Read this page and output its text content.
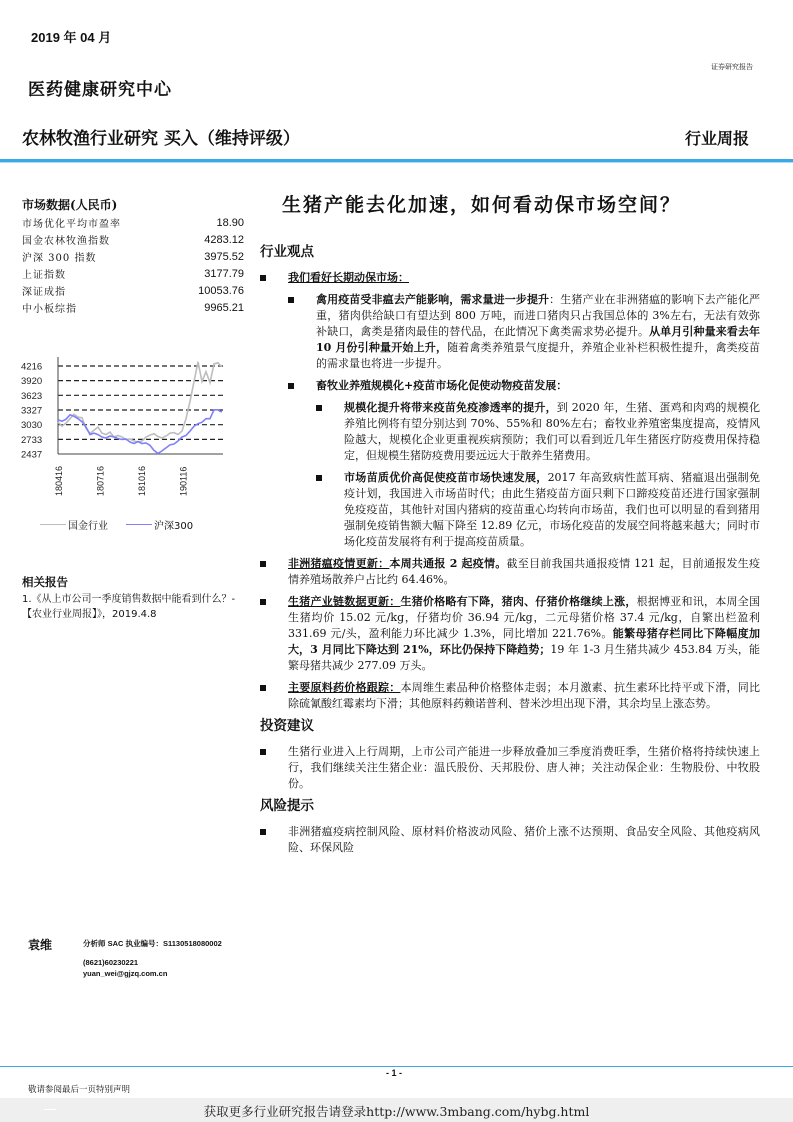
2019 年 04 月
证券研究报告
医药健康研究中心
农林牧渔行业研究 买入（维持评级）	行业周报
市场数据(人民币)
市场优化平均市盈率	18.90
国金农林牧渔指数	4283.12
沪深 300 指数	3975.52
上证指数	3177.79
深证成指	10053.76
中小板综指	9965.21
4216
3920
3623
3327
3030
2733
2437
180416	180716	181016	190116
国金行业	沪深300
相关报告
1.《从上市公司一季度销售数据中能看到什么？-【农业行业周报】》，2019.4.8
袁维	分析师 SAC 执业编号：S1130518080002
(8621)60230221
yuan_wei@gjzq.com.cn
生猪产能去化加速，如何看动保市场空间？
行业观点
我们看好长期动保市场：
禽用疫苗受非瘟去产能影响，需求量进一步提升：生猪产业在非洲猪瘟的影响下去产能化严重，猪肉供给缺口有望达到 800 万吨，而进口猪肉只占我国总体的 3%左右，无法有效弥补缺口，禽类是猪肉最佳的替代品，在此情况下禽类需求势必提升。从单月引种量来看去年 10 月份引种量开始上升，随着禽类养殖景气度提升，养殖企业补栏积极性提升，禽类疫苗的需求量也将进一步提升。
畜牧业养殖规模化+疫苗市场化促使动物疫苗发展：
规模化提升将带来疫苗免疫渗透率的提升，到 2020 年，生猪、蛋鸡和肉鸡的规模化养殖比例将有望分别达到 70%、55%和 80%左右；畜牧业养殖密集度提高，疫情风险越大，规模化企业更重视疾病预防；我们可以看到近几年生猪医疗防疫费用保持稳定，但规模生猪防疫费用要远远大于散养生猪费用。
市场苗质优价高促使疫苗市场快速发展，2017 年高致病性蓝耳病、猪瘟退出强制免疫计划，我国进入市场苗时代；由此生猪疫苗方面只剩下口蹄疫疫苗还进行国家强制免疫疫苗，其他针对国内猪病的疫苗重心均转向市场苗，我们也可以明显的看到猪用强制免疫销售额大幅下降至 12.89 亿元，市场化疫苗的发展空间将越来越大；同时市场化疫苗发展将有利于提高疫苗质量。
非洲猪瘟疫情更新：本周共通报 2 起疫情。截至目前我国共通报疫情 121 起，目前通报发生疫情养殖场散养户占比约 64.46%。
生猪产业链数据更新：生猪价格略有下降，猪肉、仔猪价格继续上涨，根据博亚和讯，本周全国生猪均价 15.02 元/kg，仔猪均价 36.94 元/kg，二元母猪价格 37.4 元/kg，自繁出栏盈利 331.69 元/头，盈利能力环比减少 1.3%，同比增加 221.76%。能繁母猪存栏同比下降幅度加大，3 月同比下降达到 21%，环比仍保持下降趋势；19 年 1-3 月生猪共减少 453.84 万头，能繁母猪共减少 277.09 万头。
主要原料药价格跟踪：本周维生素品种价格整体走弱；本月激素、抗生素环比持平或下滑，同比除硫氰酸红霉素均下滑；其他原料药赖诺普利、替米沙坦出现下滑，其余均呈上涨态势。
投资建议
生猪行业进入上行周期，上市公司产能进一步释放叠加三季度消费旺季，生猪价格将持续快速上行，我们继续关注生猪企业：温氏股份、天邦股份、唐人神；关注动保企业：生物股份、中牧股份。
风险提示
非洲猪瘟疫病控制风险、原材料价格波动风险、猪价上涨不达预期、食品安全风险、其他疫病风险、环保风险
- 1 -
敬请参阅最后一页特别声明
获取更多行业研究报告请登录http://www.3mbang.com/hybg.html
